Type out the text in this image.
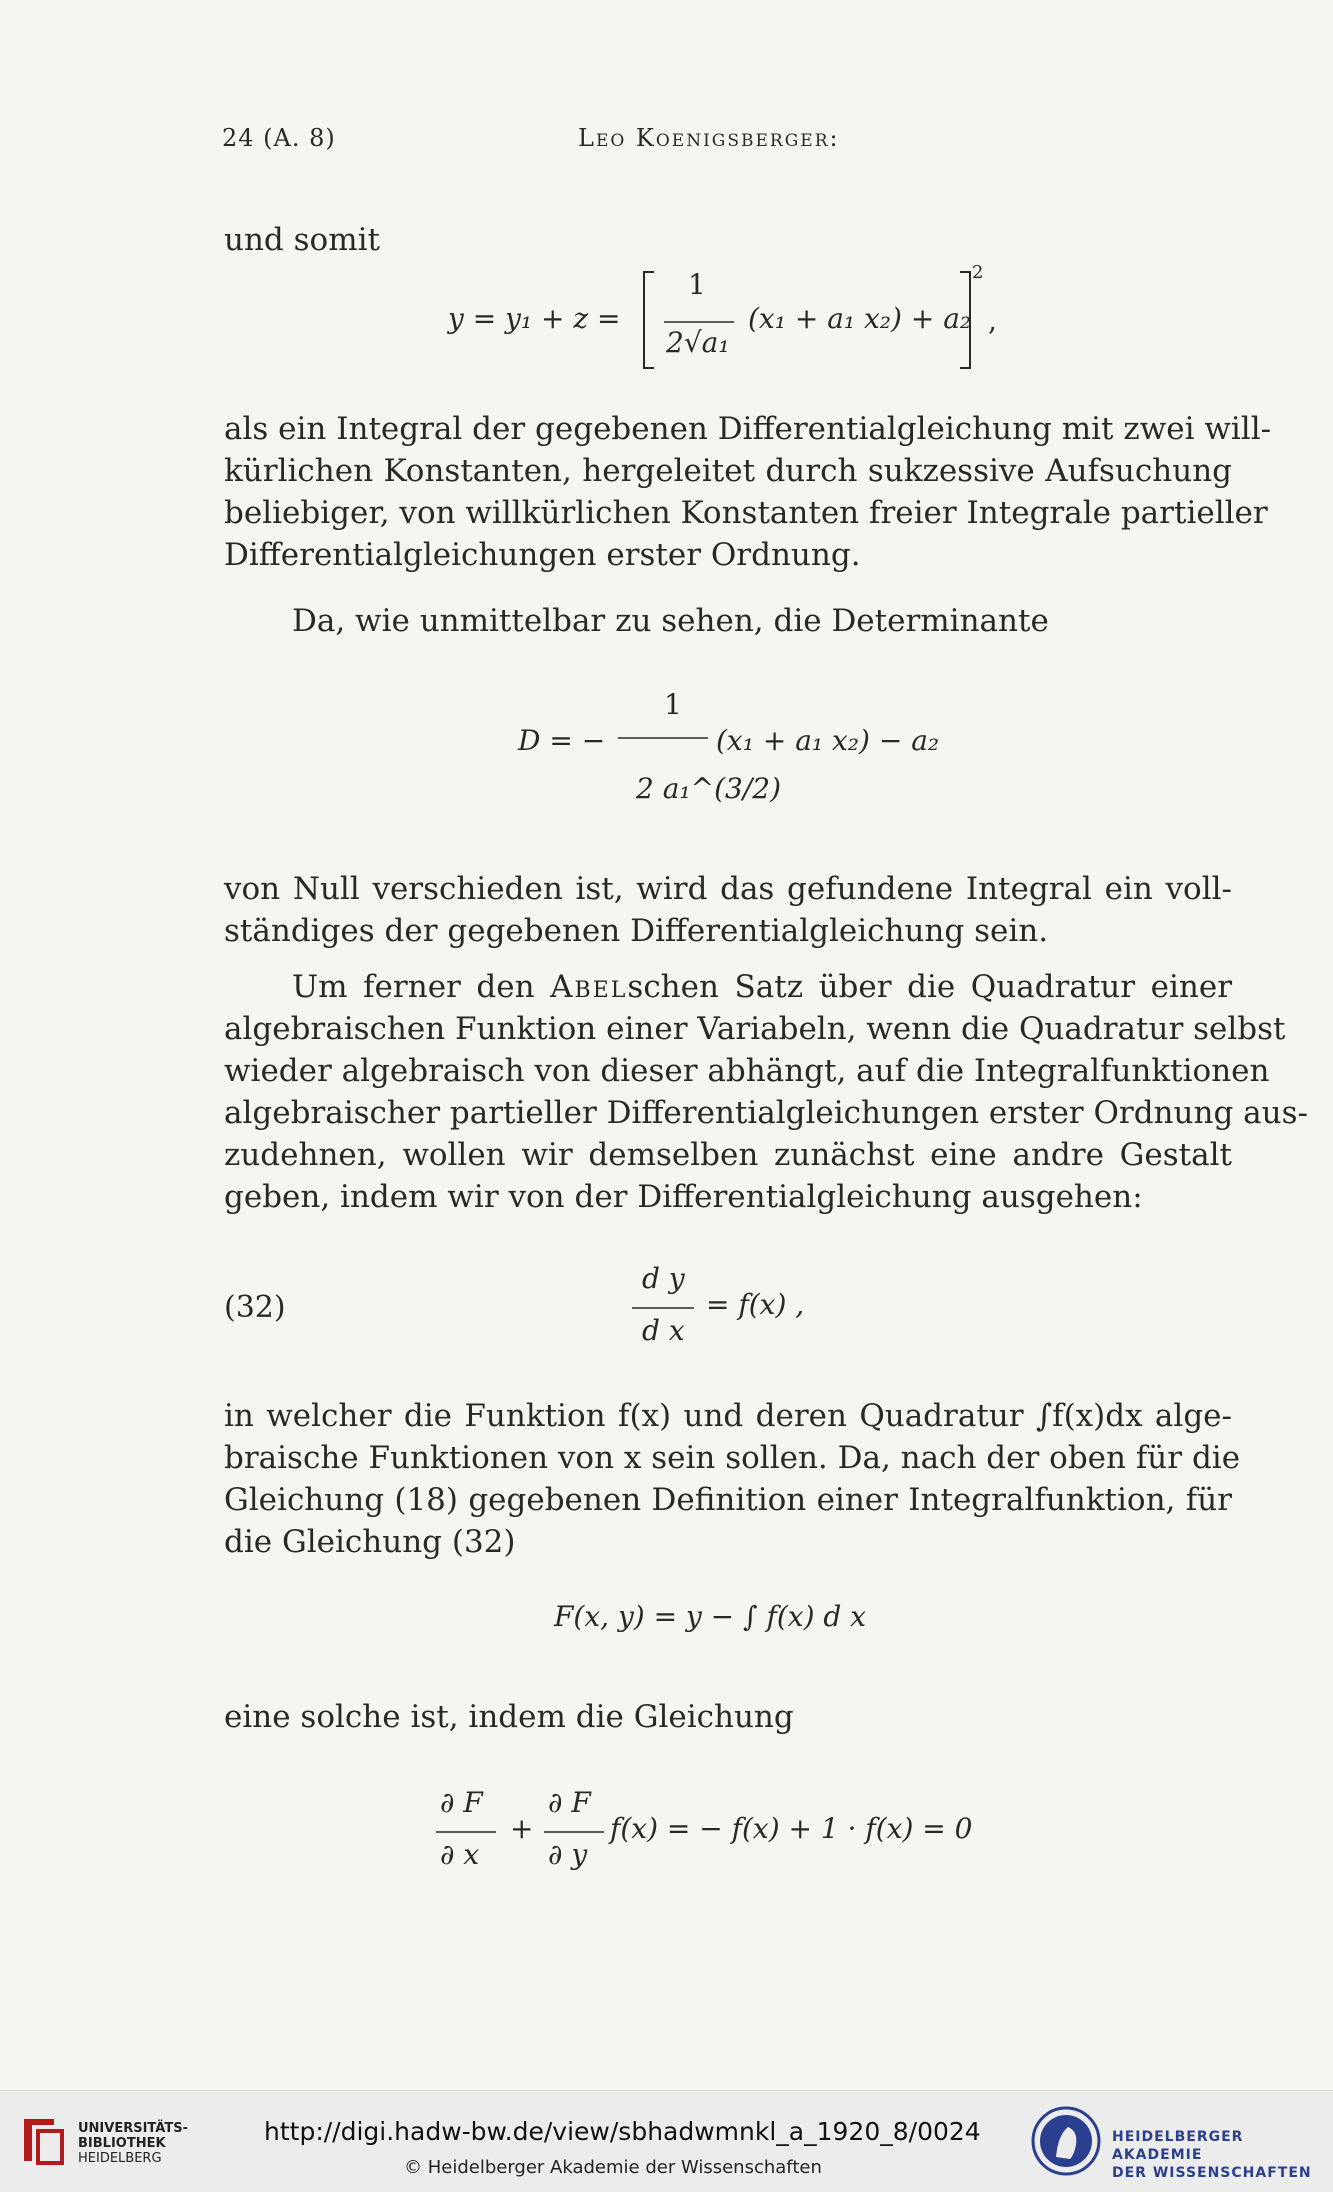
24 (A. 8)	Leo Koenigsberger:
und somit
y = y₁ + z =
1
2√a₁
(x₁ + a₁ x₂) + a₂
2
,
als ein Integral der gegebenen Differentialgleichung mit zwei will-
kürlichen Konstanten, hergeleitet durch sukzessive Aufsuchung
beliebiger, von willkürlichen Konstanten freier Integrale partieller
Differentialgleichungen erster Ordnung.
Da, wie unmittelbar zu sehen, die Determinante
D = −
1
2 a₁^(3/2)
(x₁ + a₁ x₂) − a₂
von Null verschieden ist, wird das gefundene Integral ein voll-
ständiges der gegebenen Differentialgleichung sein.
Um ferner den Abelschen Satz über die Quadratur einer
algebraischen Funktion einer Variabeln, wenn die Quadratur selbst
wieder algebraisch von dieser abhängt, auf die Integralfunktionen
algebraischer partieller Differentialgleichungen erster Ordnung aus-
zudehnen, wollen wir demselben zunächst eine andre Gestalt
geben, indem wir von der Differentialgleichung ausgehen:
(32)
d y
d x
= f(x) ,
in welcher die Funktion f(x) und deren Quadratur ∫f(x)dx alge-
braische Funktionen von x sein sollen. Da, nach der oben für die
Gleichung (18) gegebenen Definition einer Integralfunktion, für
die Gleichung (32)
F(x, y) = y − ∫ f(x) d x
eine solche ist, indem die Gleichung
∂ F
∂ x
+
∂ F
∂ y
f(x) = − f(x) + 1 · f(x) = 0
UNIVERSITÄTS-
BIBLIOTHEK
HEIDELBERG
http://digi.hadw-bw.de/view/sbhadwmnkl_a_1920_8/0024
© Heidelberger Akademie der Wissenschaften
HEIDELBERGER AKADEMIE
DER WISSENSCHAFTEN
